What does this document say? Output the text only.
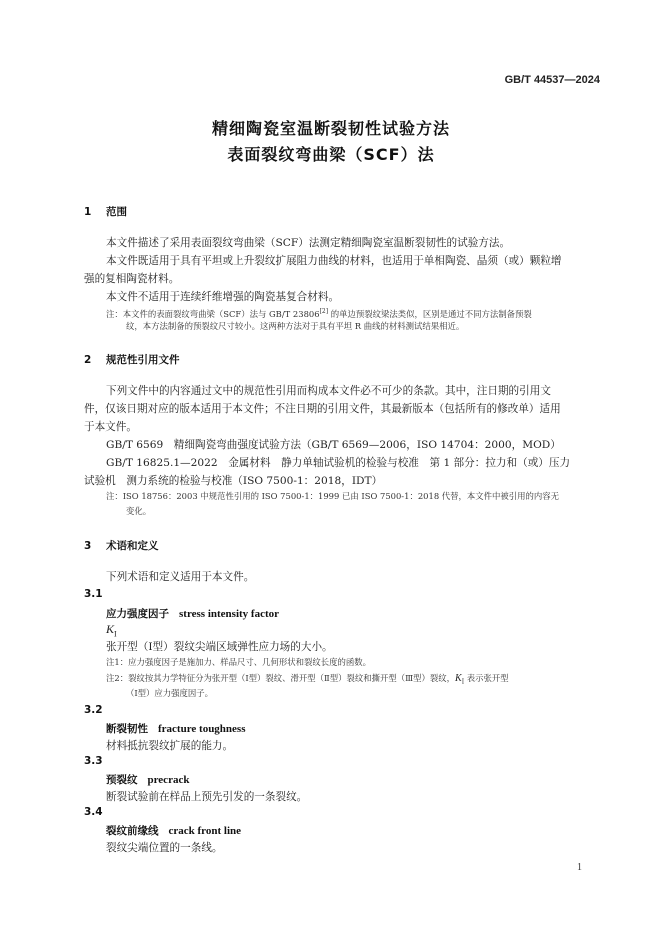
GB/T 44537—2024
精细陶瓷室温断裂韧性试验方法
表面裂纹弯曲梁（SCF）法
1 范围
本文件描述了采用表面裂纹弯曲梁（SCF）法测定精细陶瓷室温断裂韧性的试验方法。
本文件既适用于具有平坦或上升裂纹扩展阻力曲线的材料，也适用于单相陶瓷、晶须（或）颗粒增
强的复相陶瓷材料。
本文件不适用于连续纤维增强的陶瓷基复合材料。
注：本文件的表面裂纹弯曲梁（SCF）法与 GB/T 23806[2] 的单边预裂纹梁法类似，区别是通过不同方法制备预裂
纹，本方法制备的预裂纹尺寸较小。这两种方法对于具有平坦 R 曲线的材料测试结果相近。
2 规范性引用文件
下列文件中的内容通过文中的规范性引用而构成本文件必不可少的条款。其中，注日期的引用文
件，仅该日期对应的版本适用于本文件；不注日期的引用文件，其最新版本（包括所有的修改单）适用
于本文件。
GB/T 6569　精细陶瓷弯曲强度试验方法（GB/T 6569—2006，ISO 14704：2000，MOD）
GB/T 16825.1—2022　金属材料　静力单轴试验机的检验与校准　第 1 部分：拉力和（或）压力
试验机　测力系统的检验与校准（ISO 7500-1：2018，IDT）
注：ISO 18756：2003 中规范性引用的 ISO 7500-1：1999 已由 ISO 7500-1：2018 代替，本文件中被引用的内容无
变化。
3 术语和定义
下列术语和定义适用于本文件。
3.1
应力强度因子 stress intensity factor
$K_I$
张开型（Ⅰ型）裂纹尖端区域弹性应力场的大小。
注1：应力强度因子是施加力、样品尺寸、几何形状和裂纹长度的函数。
注2：裂纹按其力学特征分为张开型（Ⅰ型）裂纹、滑开型（Ⅱ型）裂纹和撕开型（Ⅲ型）裂纹，$K_I$ 表示张开型
（Ⅰ型）应力强度因子。
3.2
断裂韧性 fracture toughness
材料抵抗裂纹扩展的能力。
3.3
预裂纹 precrack
断裂试验前在样品上预先引发的一条裂纹。
3.4
裂纹前缘线 crack front line
裂纹尖端位置的一条线。
1
